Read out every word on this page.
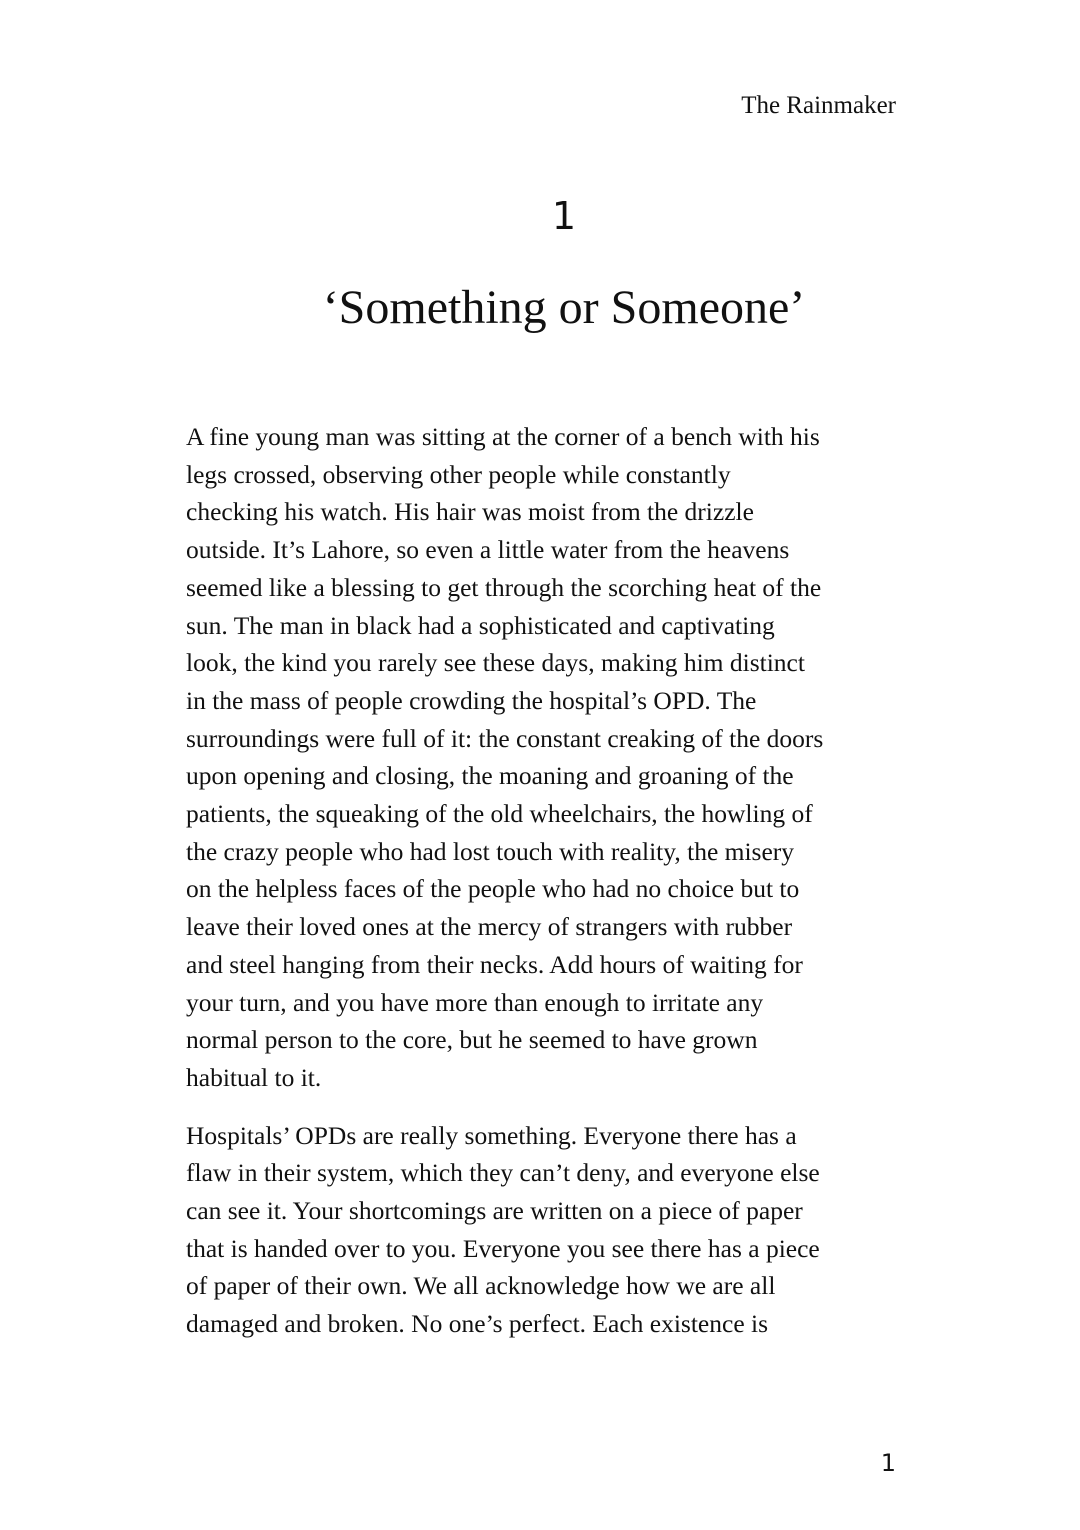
The Rainmaker
1
‘Something or Someone’

A fine young man was sitting at the corner of a bench with his
legs crossed, observing other people while constantly
checking his watch. His hair was moist from the drizzle
outside. It’s Lahore, so even a little water from the heavens
seemed like a blessing to get through the scorching heat of the
sun. The man in black had a sophisticated and captivating
look, the kind you rarely see these days, making him distinct
in the mass of people crowding the hospital’s OPD. The
surroundings were full of it: the constant creaking of the doors
upon opening and closing, the moaning and groaning of the
patients, the squeaking of the old wheelchairs, the howling of
the crazy people who had lost touch with reality, the misery
on the helpless faces of the people who had no choice but to
leave their loved ones at the mercy of strangers with rubber
and steel hanging from their necks. Add hours of waiting for
your turn, and you have more than enough to irritate any
normal person to the core, but he seemed to have grown
habitual to it.

Hospitals’ OPDs are really something. Everyone there has a
flaw in their system, which they can’t deny, and everyone else
can see it. Your shortcomings are written on a piece of paper
that is handed over to you. Everyone you see there has a piece
of paper of their own. We all acknowledge how we are all
damaged and broken. No one’s perfect. Each existence is

1
